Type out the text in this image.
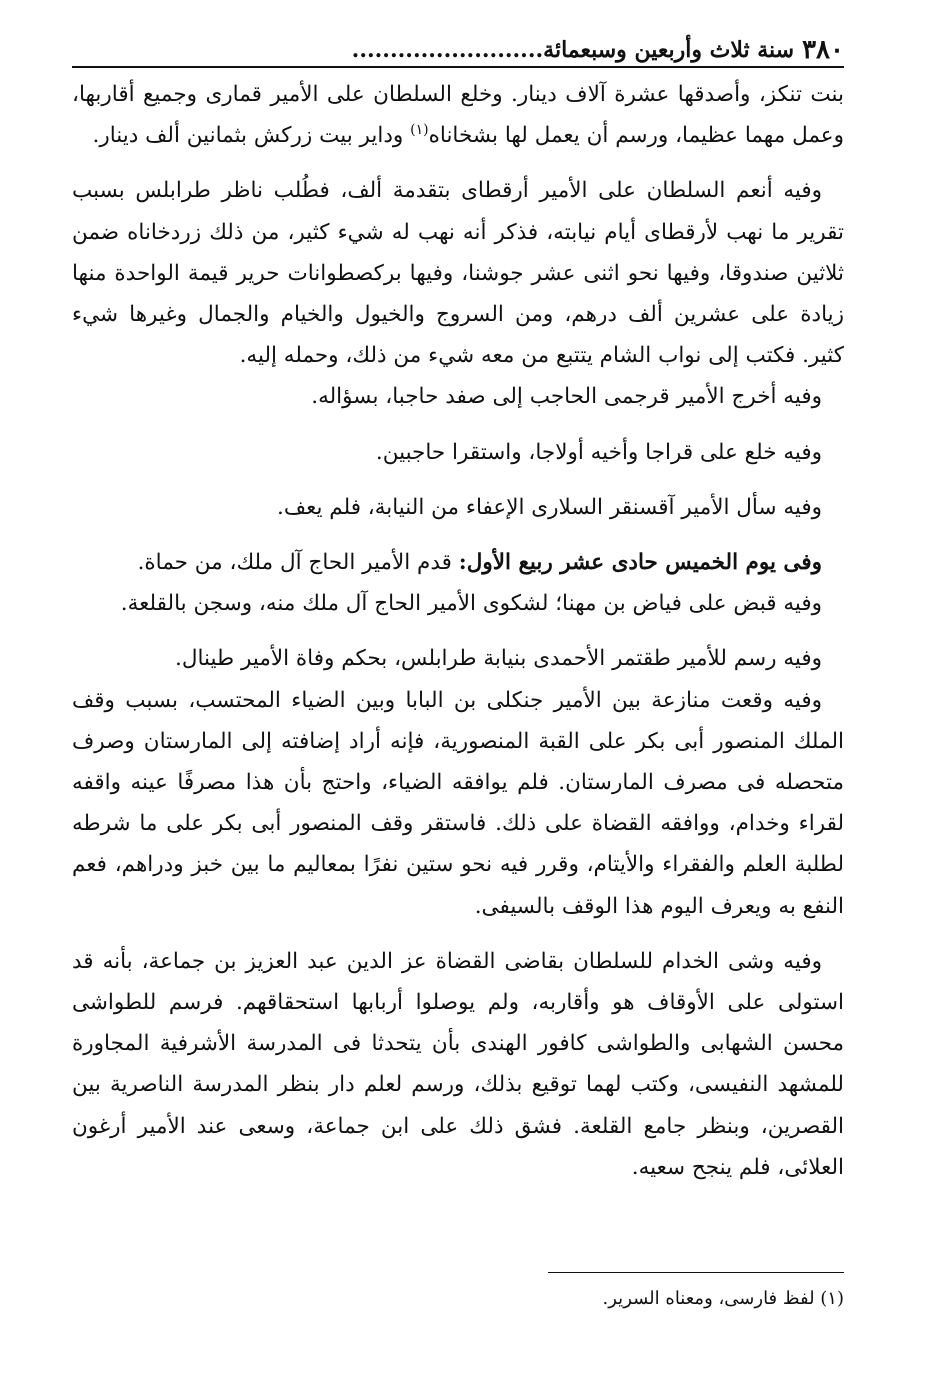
٣٨٠
سنة ثلاث وأربعين وسبعمائة.........................

بنت تنكز، وأصدقها عشرة آلاف دينار. وخلع السلطان على الأمير قمارى وجميع أقاربها، وعمل مهما عظيما، ورسم أن يعمل لها بشخاناه$^{(١)}$ وداير بيت زركش بثمانين ألف دينار.

وفيه أنعم السلطان على الأمير أرقطاى بتقدمة ألف، فطُلب ناظر طرابلس بسبب تقرير ما نهب لأرقطاى أيام نيابته، فذكر أنه نهب له شيء كثير، من ذلك زردخاناه ضمن ثلاثين صندوقا، وفيها نحو اثنى عشر جوشنا، وفيها بركصطوانات حرير قيمة الواحدة منها زيادة على عشرين ألف درهم، ومن السروج والخيول والخيام والجمال وغيرها شيء كثير. فكتب إلى نواب الشام يتتبع من معه شيء من ذلك، وحمله إليه.

وفيه أخرج الأمير قرجمى الحاجب إلى صفد حاجبا، بسؤاله.

وفيه خلع على قراجا وأخيه أولاجا، واستقرا حاجبين.

وفيه سأل الأمير آقسنقر السلارى الإعفاء من النيابة، فلم يعف.

وفى يوم الخميس حادى عشر ربيع الأول: قدم الأمير الحاج آل ملك، من حماة.

وفيه قبض على فياض بن مهنا؛ لشكوى الأمير الحاج آل ملك منه، وسجن بالقلعة.

وفيه رسم للأمير طقتمر الأحمدى بنيابة طرابلس، بحكم وفاة الأمير طينال.

وفيه وقعت منازعة بين الأمير جنكلى بن البابا وبين الضياء المحتسب، بسبب وقف الملك المنصور أبى بكر على القبة المنصورية، فإنه أراد إضافته إلى المارستان وصرف متحصله فى مصرف المارستان. فلم يوافقه الضياء، واحتج بأن هذا مصرفًا عينه واقفه لقراء وخدام، ووافقه القضاة على ذلك. فاستقر وقف المنصور أبى بكر على ما شرطه لطلبة العلم والفقراء والأيتام، وقرر فيه نحو ستين نفرًا بمعاليم ما بين خبز ودراهم، فعم النفع به ويعرف اليوم هذا الوقف بالسيفى.

وفيه وشى الخدام للسلطان بقاضى القضاة عز الدين عبد العزيز بن جماعة، بأنه قد استولى على الأوقاف هو وأقاربه، ولم يوصلوا أربابها استحقاقهم. فرسم للطواشى محسن الشهابى والطواشى كافور الهندى بأن يتحدثا فى المدرسة الأشرفية المجاورة للمشهد النفيسى، وكتب لهما توقيع بذلك، ورسم لعلم دار بنظر المدرسة الناصرية بين القصرين، وبنظر جامع القلعة. فشق ذلك على ابن جماعة، وسعى عند الأمير أرغون العلائى، فلم ينجح سعيه.

(١) لفظ فارسى، ومعناه السرير.
